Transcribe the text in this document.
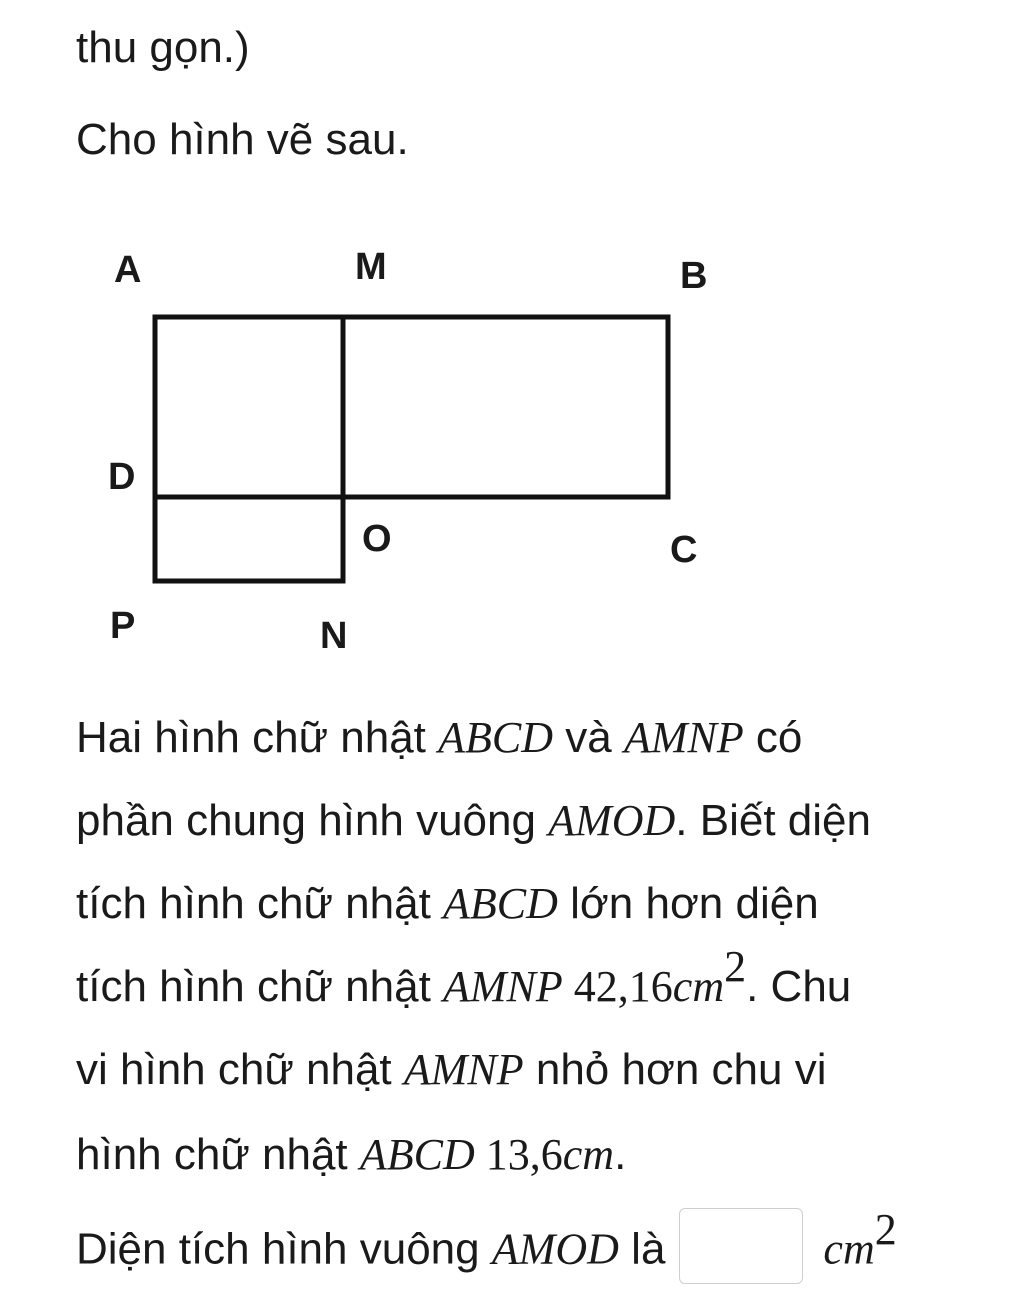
thu gọn.)

Cho hình vẽ sau.

A	M	B
D
O	C
P	N

Hai hình chữ nhật ABCD và AMNP có

phần chung hình vuông AMOD. Biết diện

tích hình chữ nhật ABCD lớn hơn diện

tích hình chữ nhật AMNP $42,16cm^2$. Chu

vi hình chữ nhật AMNP nhỏ hơn chu vi

hình chữ nhật ABCD 13,6cm.

Diện tích hình vuông AMOD là	$cm^2$
